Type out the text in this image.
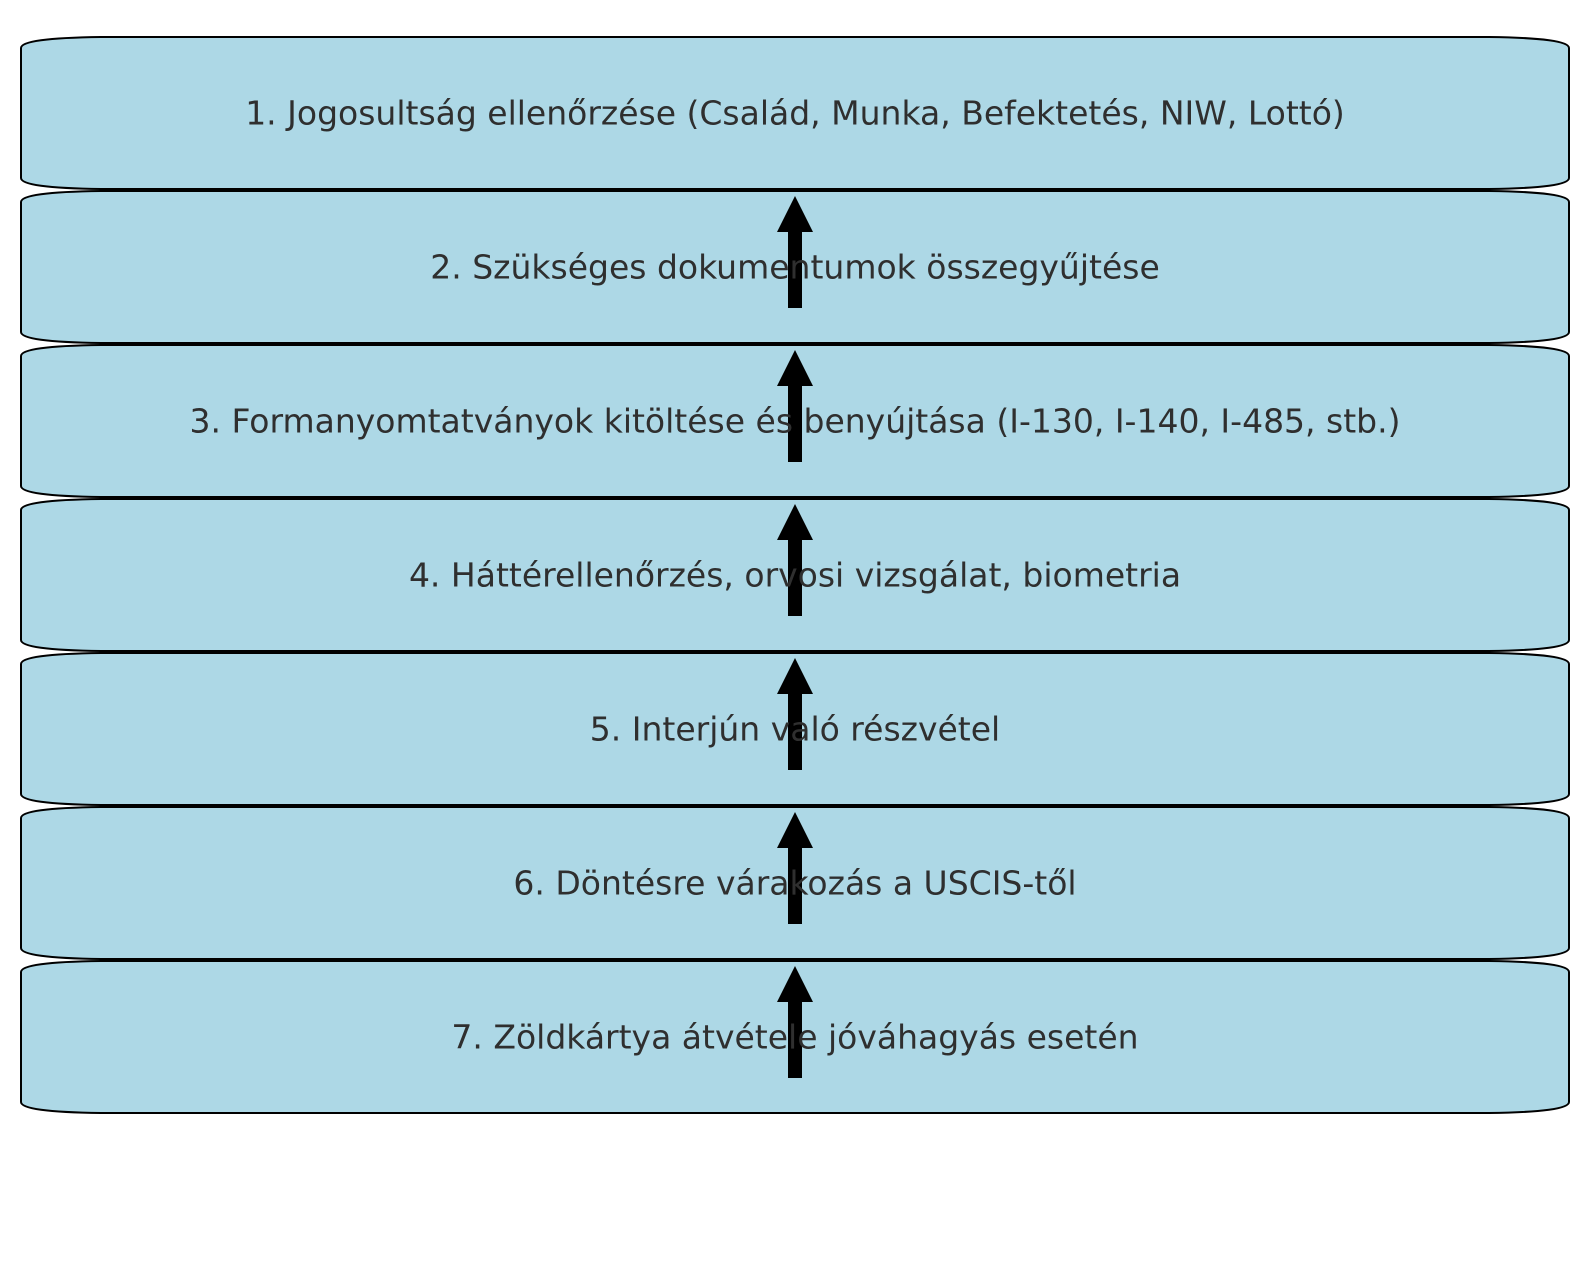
1. Jogosultság ellenőrzése (Család, Munka, Befektetés, NIW, Lottó)
2. Szükséges dokumentumok összegyűjtése
3. Formanyomtatványok kitöltése és benyújtása (I-130, I-140, I-485, stb.)
4. Háttérellenőrzés, orvosi vizsgálat, biometria
5. Interjún való részvétel
6. Döntésre várakozás a USCIS-től
7. Zöldkártya átvétele jóváhagyás esetén
